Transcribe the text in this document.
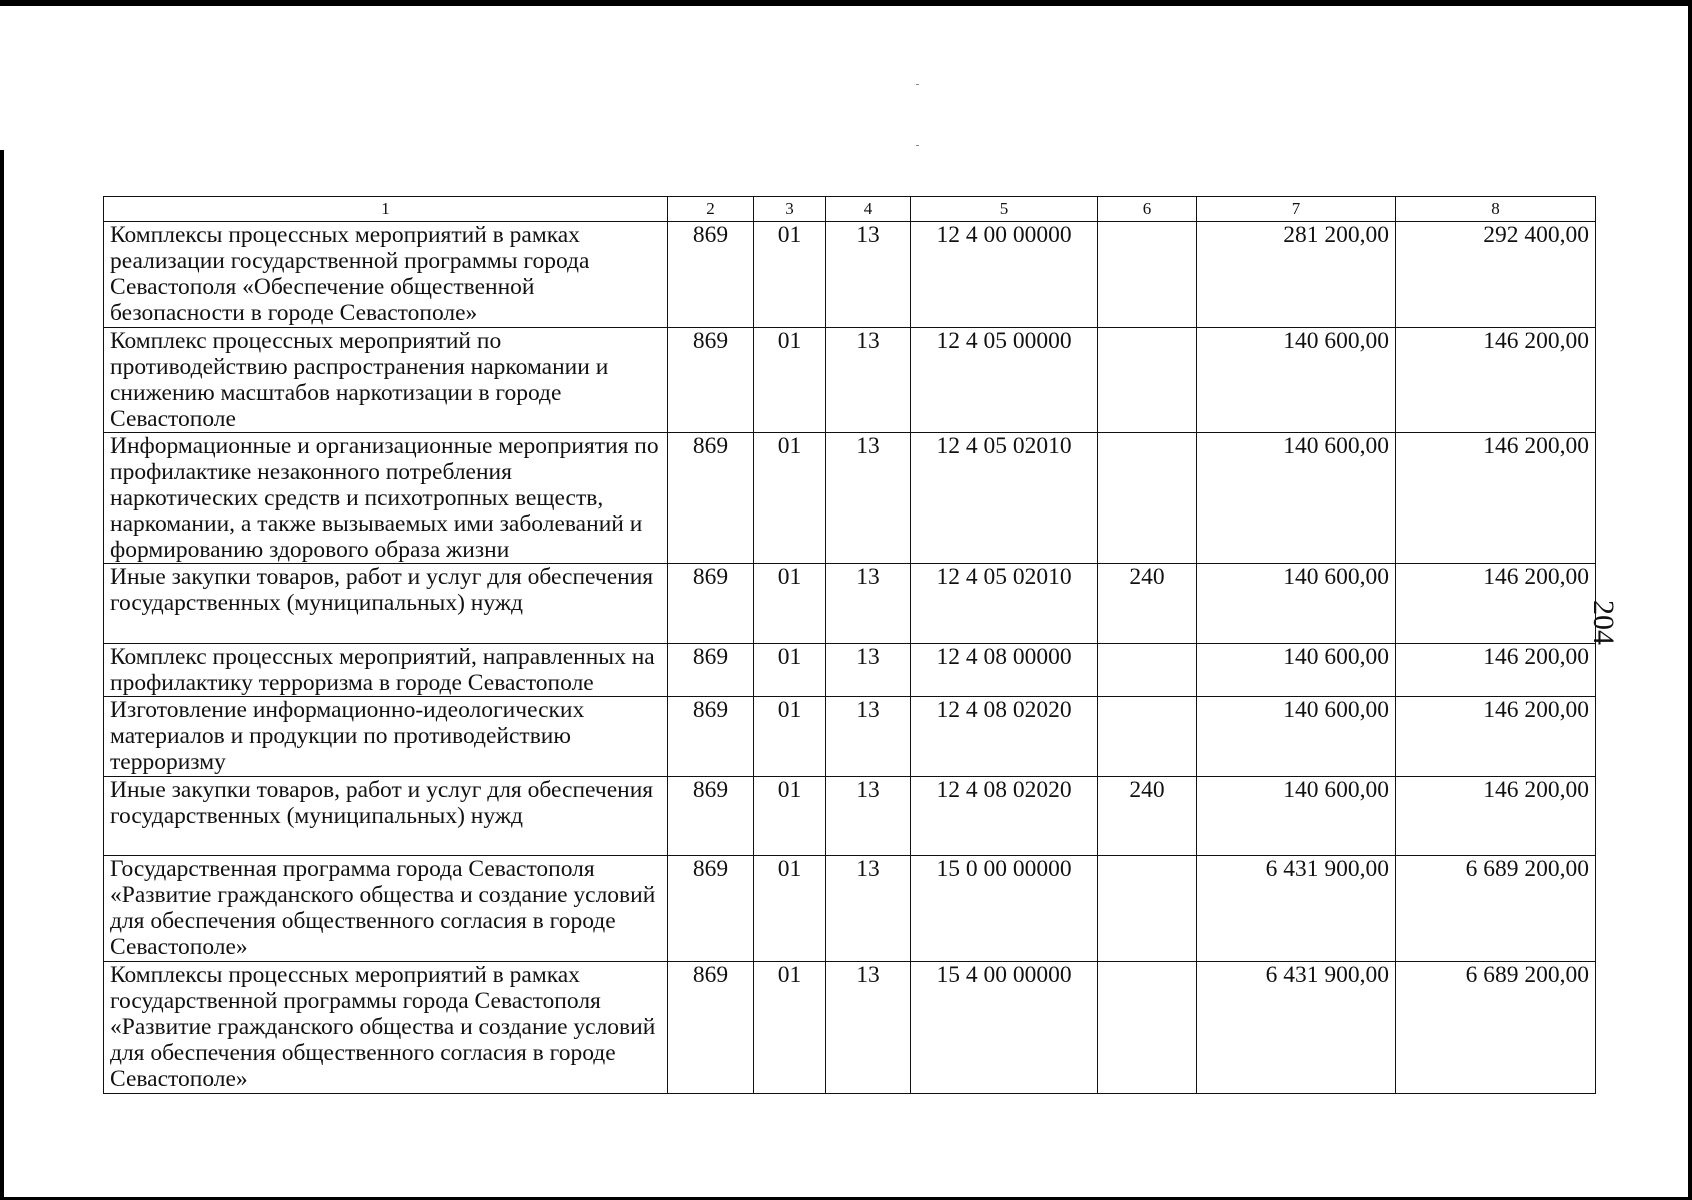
1	2	3	4	5	6	7	8
Комплексы процессных мероприятий в рамках реализации государственной программы города Севастополя «Обеспечение общественной безопасности в городе Севастополе»	869	01	13	12 4 00 00000		281 200,00	292 400,00
Комплекс процессных мероприятий по противодействию распространения наркомании и снижению масштабов наркотизации в городе Севастополе	869	01	13	12 4 05 00000		140 600,00	146 200,00
Информационные и организационные мероприятия по профилактике незаконного потребления наркотических средств и психотропных веществ, наркомании, а также вызываемых ими заболеваний и формированию здорового образа жизни	869	01	13	12 4 05 02010		140 600,00	146 200,00
Иные закупки товаров, работ и услуг для обеспечения государственных (муниципальных) нужд	869	01	13	12 4 05 02010	240	140 600,00	146 200,00
Комплекс процессных мероприятий, направленных на профилактику терроризма в городе Севастополе	869	01	13	12 4 08 00000		140 600,00	146 200,00
Изготовление информационно-идеологических материалов и продукции по противодействию терроризму	869	01	13	12 4 08 02020		140 600,00	146 200,00
Иные закупки товаров, работ и услуг для обеспечения государственных (муниципальных) нужд	869	01	13	12 4 08 02020	240	140 600,00	146 200,00
Государственная программа города Севастополя «Развитие гражданского общества и создание условий для обеспечения общественного согласия в городе Севастополе»	869	01	13	15 0 00 00000		6 431 900,00	6 689 200,00
Комплексы процессных мероприятий в рамках государственной программы города Севастополя «Развитие гражданского общества и создание условий для обеспечения общественного согласия в городе Севастополе»	869	01	13	15 4 00 00000		6 431 900,00	6 689 200,00
204
